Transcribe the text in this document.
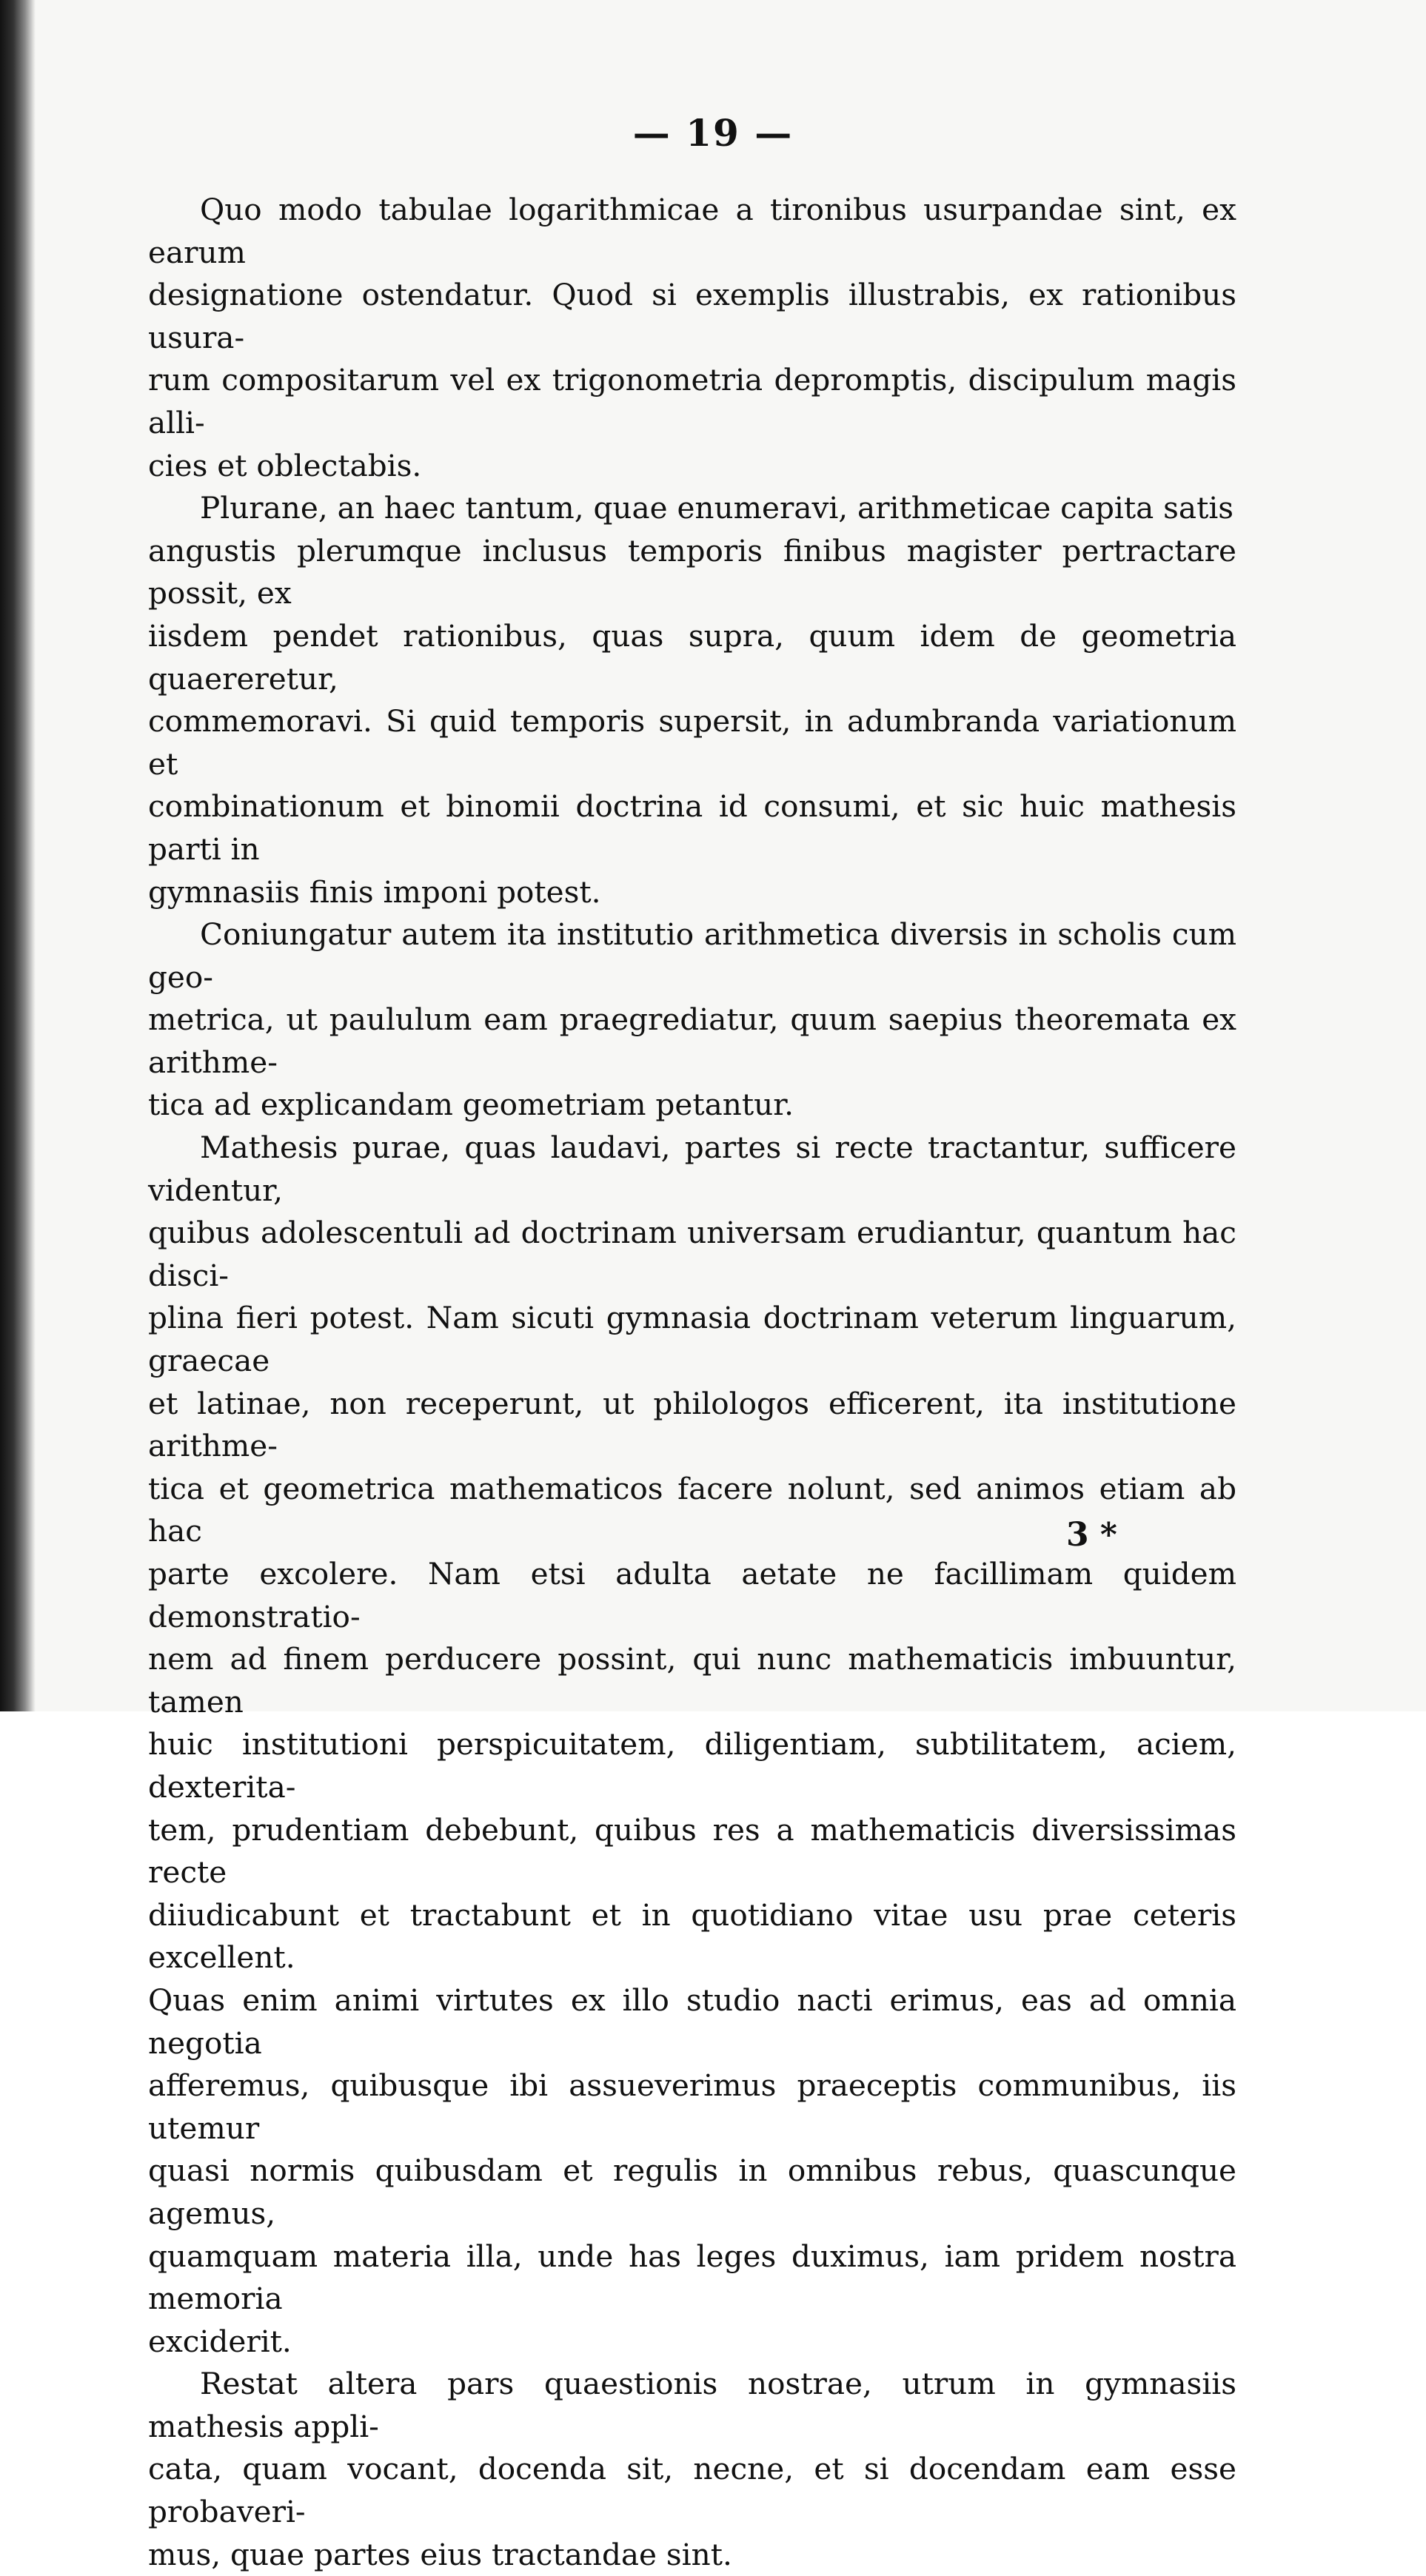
— 19 —

Quo modo tabulae logarithmicae a tironibus usurpandae sint, ex earum
designatione ostendatur. Quod si exemplis illustrabis, ex rationibus usura-
rum compositarum vel ex trigonometria depromptis, discipulum magis alli-
cies et oblectabis.

Plurane, an haec tantum, quae enumeravi, arithmeticae capita satis
angustis plerumque inclusus temporis finibus magister pertractare possit, ex
iisdem pendet rationibus, quas supra, quum idem de geometria quaereretur,
commemoravi. Si quid temporis supersit, in adumbranda variationum et
combinationum et binomii doctrina id consumi, et sic huic mathesis parti in
gymnasiis finis imponi potest.

Coniungatur autem ita institutio arithmetica diversis in scholis cum geo-
metrica, ut paululum eam praegrediatur, quum saepius theoremata ex arithme-
tica ad explicandam geometriam petantur.

Mathesis purae, quas laudavi, partes si recte tractantur, sufficere videntur,
quibus adolescentuli ad doctrinam universam erudiantur, quantum hac disci-
plina fieri potest. Nam sicuti gymnasia doctrinam veterum linguarum, graecae
et latinae, non receperunt, ut philologos efficerent, ita institutione arithme-
tica et geometrica mathematicos facere nolunt, sed animos etiam ab hac
parte excolere. Nam etsi adulta aetate ne facillimam quidem demonstratio-
nem ad finem perducere possint, qui nunc mathematicis imbuuntur, tamen
huic institutioni perspicuitatem, diligentiam, subtilitatem, aciem, dexterita-
tem, prudentiam debebunt, quibus res a mathematicis diversissimas recte
diiudicabunt et tractabunt et in quotidiano vitae usu prae ceteris excellent.
Quas enim animi virtutes ex illo studio nacti erimus, eas ad omnia negotia
afferemus, quibusque ibi assueverimus praeceptis communibus, iis utemur
quasi normis quibusdam et regulis in omnibus rebus, quascunque agemus,
quamquam materia illa, unde has leges duximus, iam pridem nostra memoria
exciderit.

Restat altera pars quaestionis nostrae, utrum in gymnasiis mathesis appli-
cata, quam vocant, docenda sit, necne, et si docendam eam esse probaveri-
mus, quae partes eius tractandae sint.

3 *
